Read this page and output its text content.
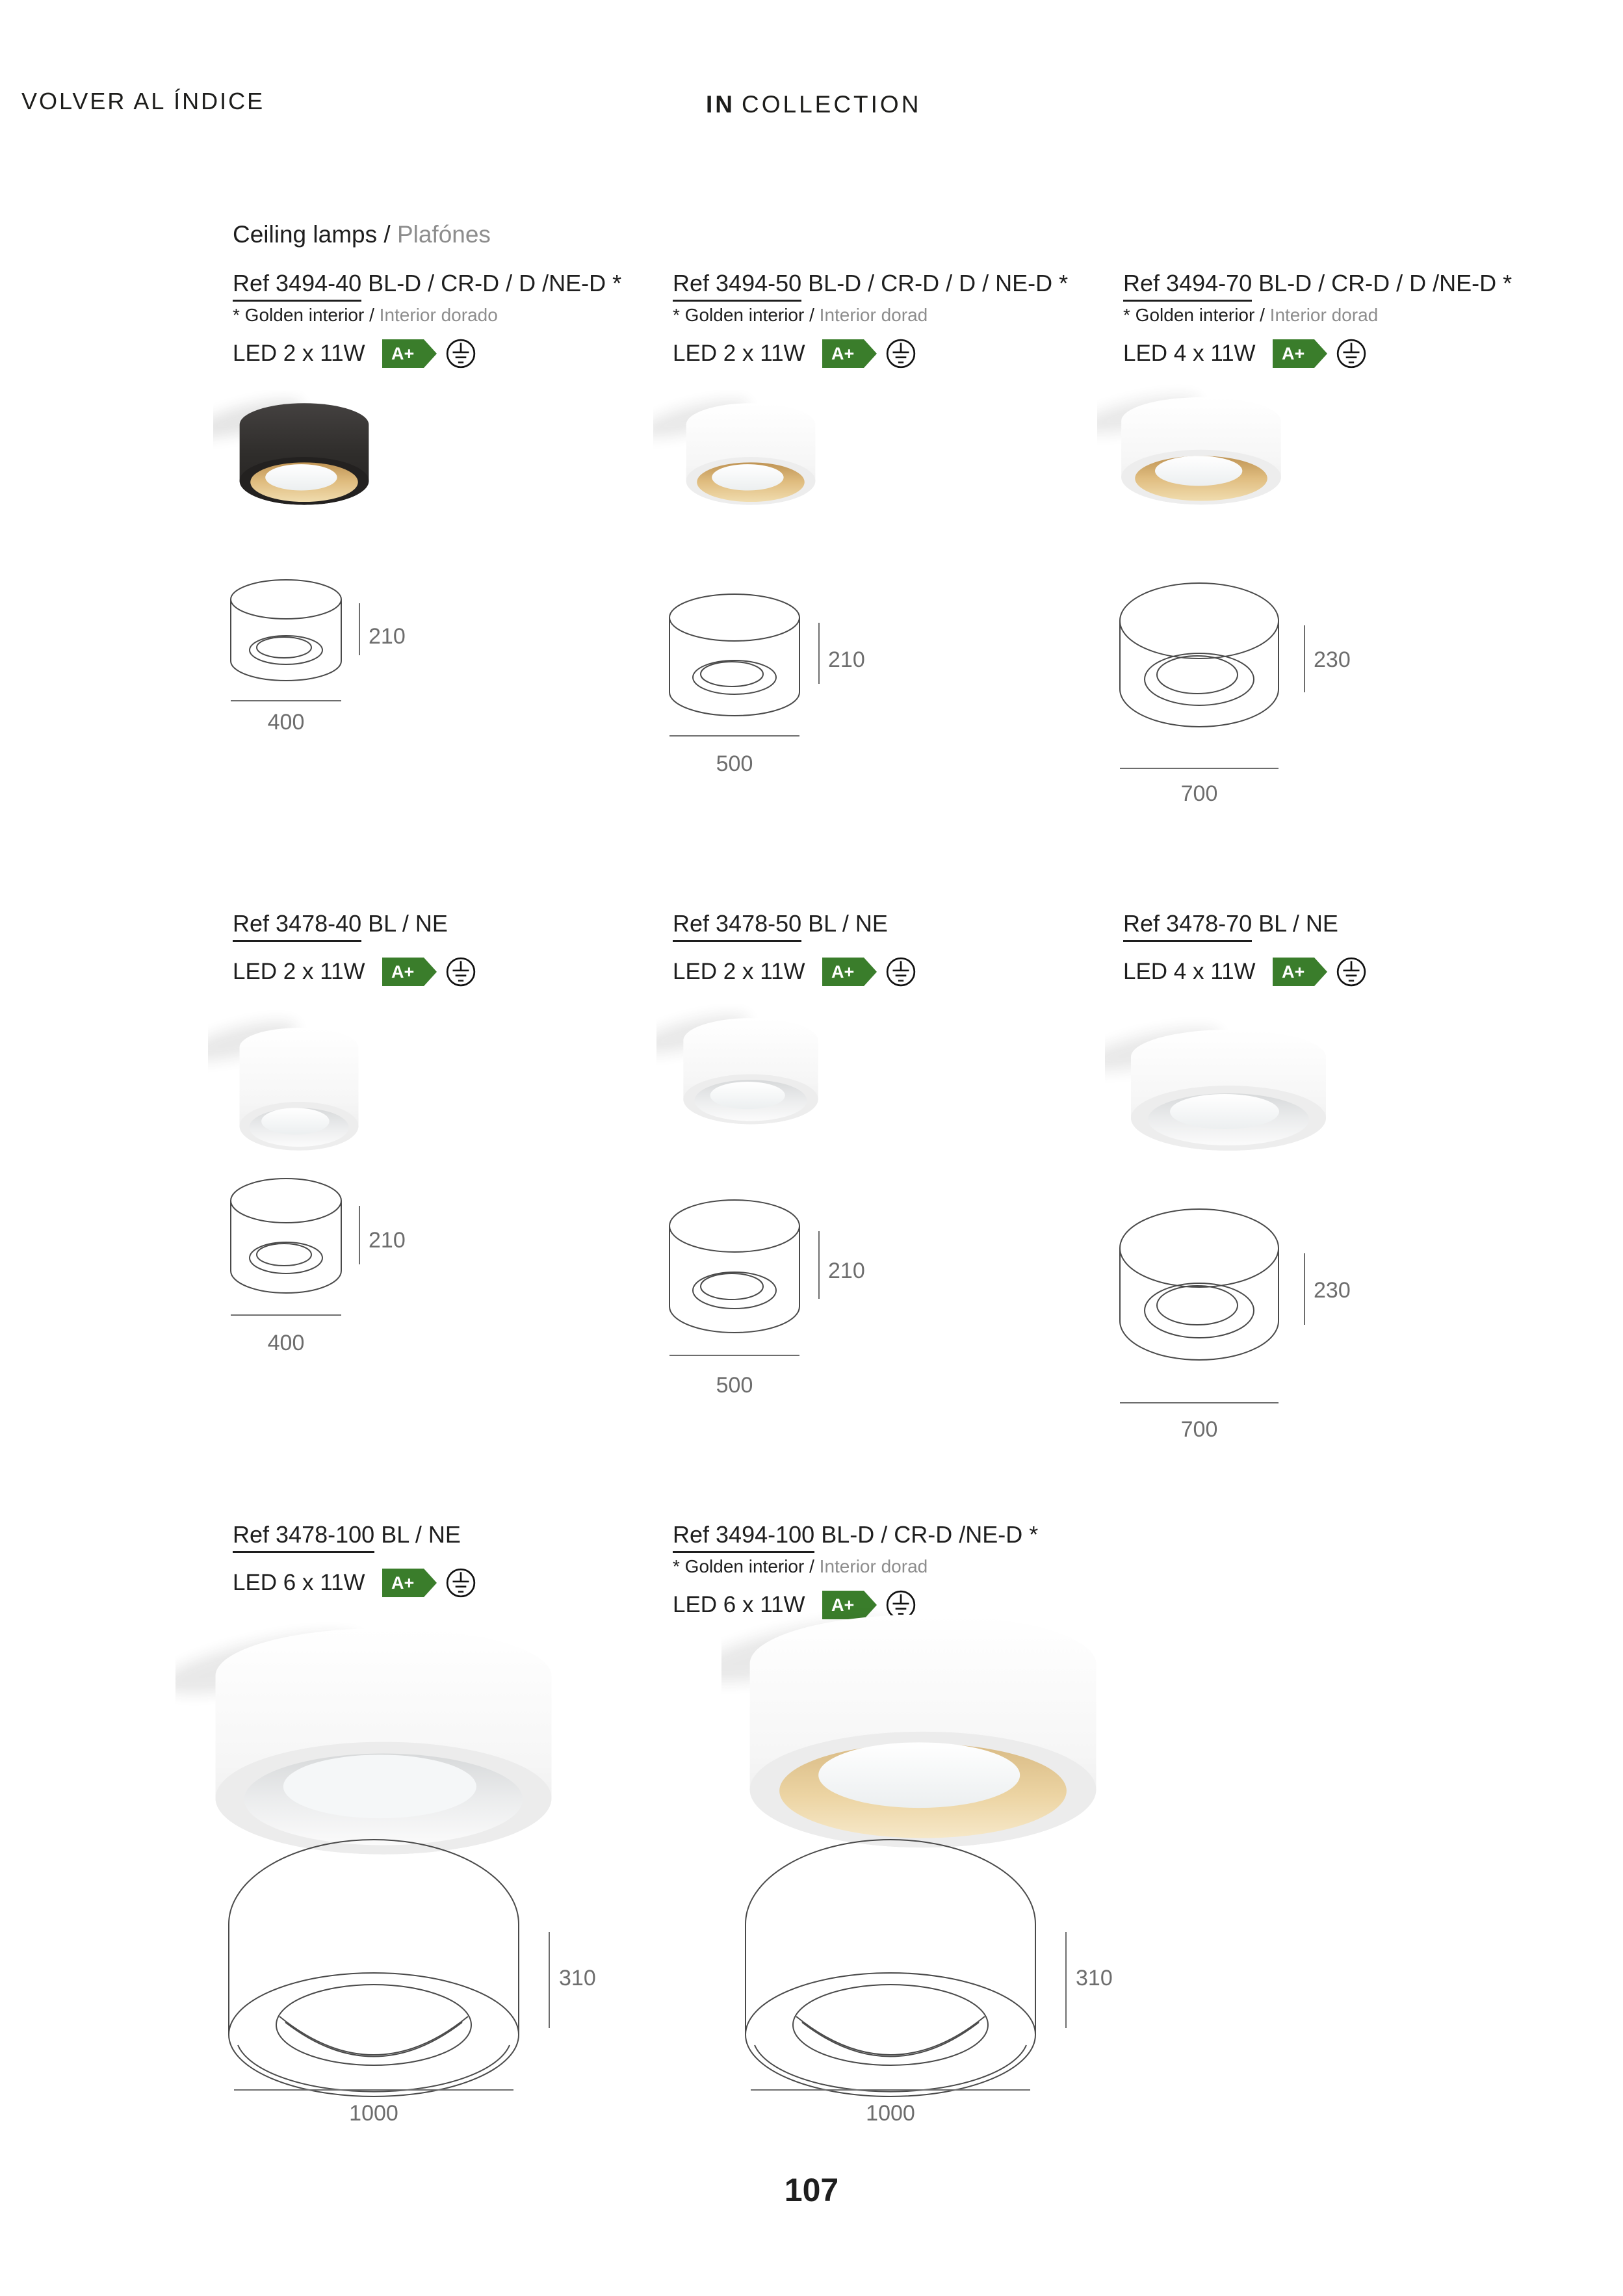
VOLVER AL ÍNDICE	IN COLLECTION
Ceiling lamps / Plafónes
Ref 3494-40 BL-D / CR-D / D /NE-D *
* Golden interior / Interior dorado
LED 2 x 11W A+
210
400
Ref 3494-50 BL-D / CR-D / D / NE-D *
* Golden interior / Interior dorad
LED 2 x 11W A+
210
500
Ref 3494-70 BL-D / CR-D / D /NE-D *
* Golden interior / Interior dorad
LED 4 x 11W A+
230
700
Ref 3478-40 BL / NE
LED 2 x 11W A+
210
400
Ref 3478-50 BL / NE
LED 2 x 11W A+
210
500
Ref 3478-70 BL / NE
LED 4 x 11W A+
230
700
Ref 3478-100 BL / NE
LED 6 x 11W A+
310
1000
Ref 3494-100 BL-D / CR-D /NE-D *
* Golden interior / Interior dorad
LED 6 x 11W A+
310
1000
107
